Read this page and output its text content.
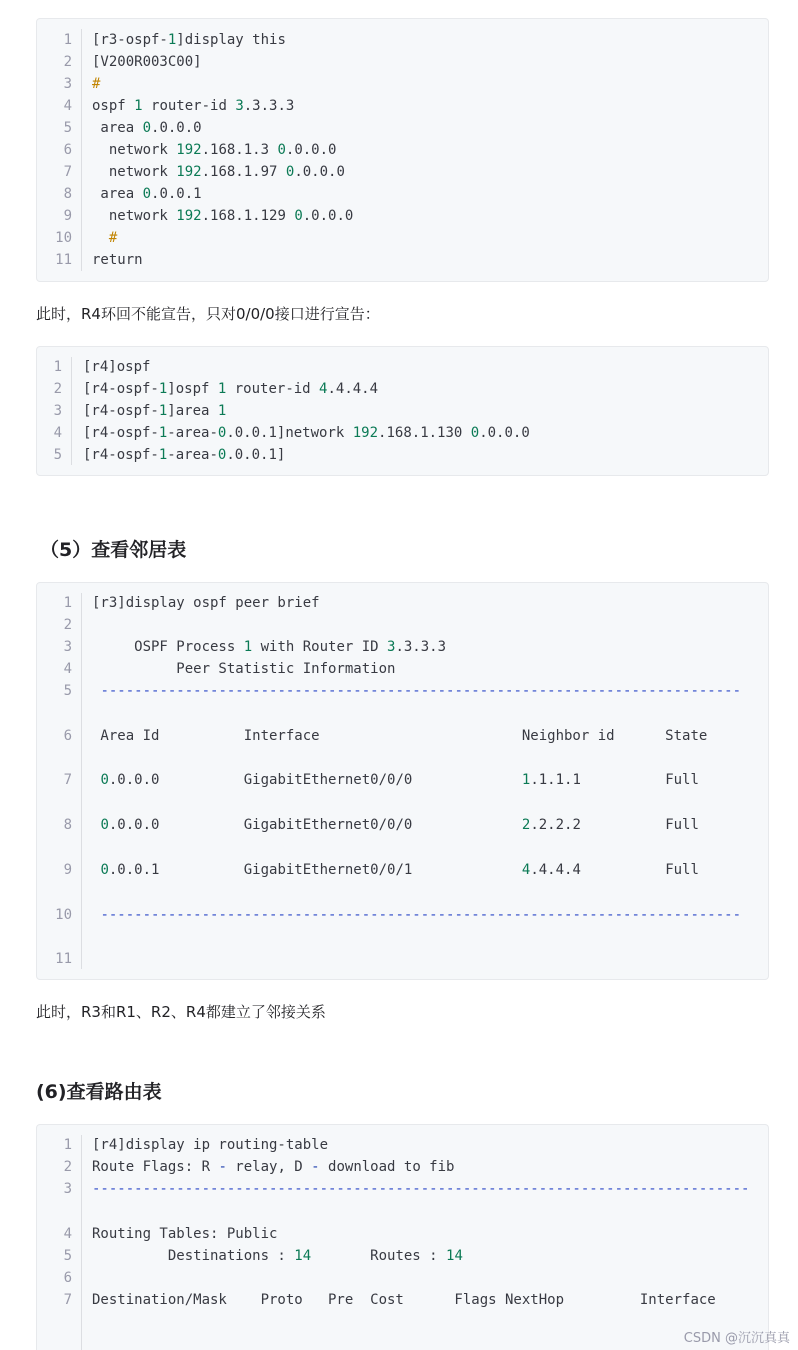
1 [r3-ospf-1]display this
2 [V200R003C00]
3 #
4 ospf 1 router-id 3.3.3.3
5 area 0.0.0.0
6 network 192.168.1.3 0.0.0.0
7 network 192.168.1.97 0.0.0.0
8 area 0.0.0.1
9 network 192.168.1.129 0.0.0.0
10 #
11 return
此时，R4环回不能宣告，只对0/0/0接口进行宣告：
1 [r4]ospf
2 [r4-ospf-1]ospf 1 router-id 4.4.4.4
3 [r4-ospf-1]area 1
4 [r4-ospf-1-area-0.0.0.1]network 192.168.1.130 0.0.0.0
5 [r4-ospf-1-area-0.0.0.1]
（5）查看邻居表
1 [r3]display ospf peer brief
2
3 OSPF Process 1 with Router ID 3.3.3.3
4 Peer Statistic Information
5 ----------------------------------------------------------------------------
6 Area Id          Interface                        Neighbor id      State
7	0.0.0.0          GigabitEthernet0/0/0             1.1.1.1          Full
8	0.0.0.0          GigabitEthernet0/0/0             2.2.2.2          Full
9	0.0.0.1          GigabitEthernet0/0/1             4.4.4.4          Full
10 ----------------------------------------------------------------------------
11
此时，R3和R1、R2、R4都建立了邻接关系
(6)查看路由表
1 [r4]display ip routing-table
2 Route Flags: R - relay, D - download to fib
3 ------------------------------------------------------------------------------
4 Routing Tables: Public
5 Destinations : 14       Routes : 14
6
7 Destination/Mask    Proto   Pre  Cost      Flags NextHop         Interface
CSDN @沉沉真真
